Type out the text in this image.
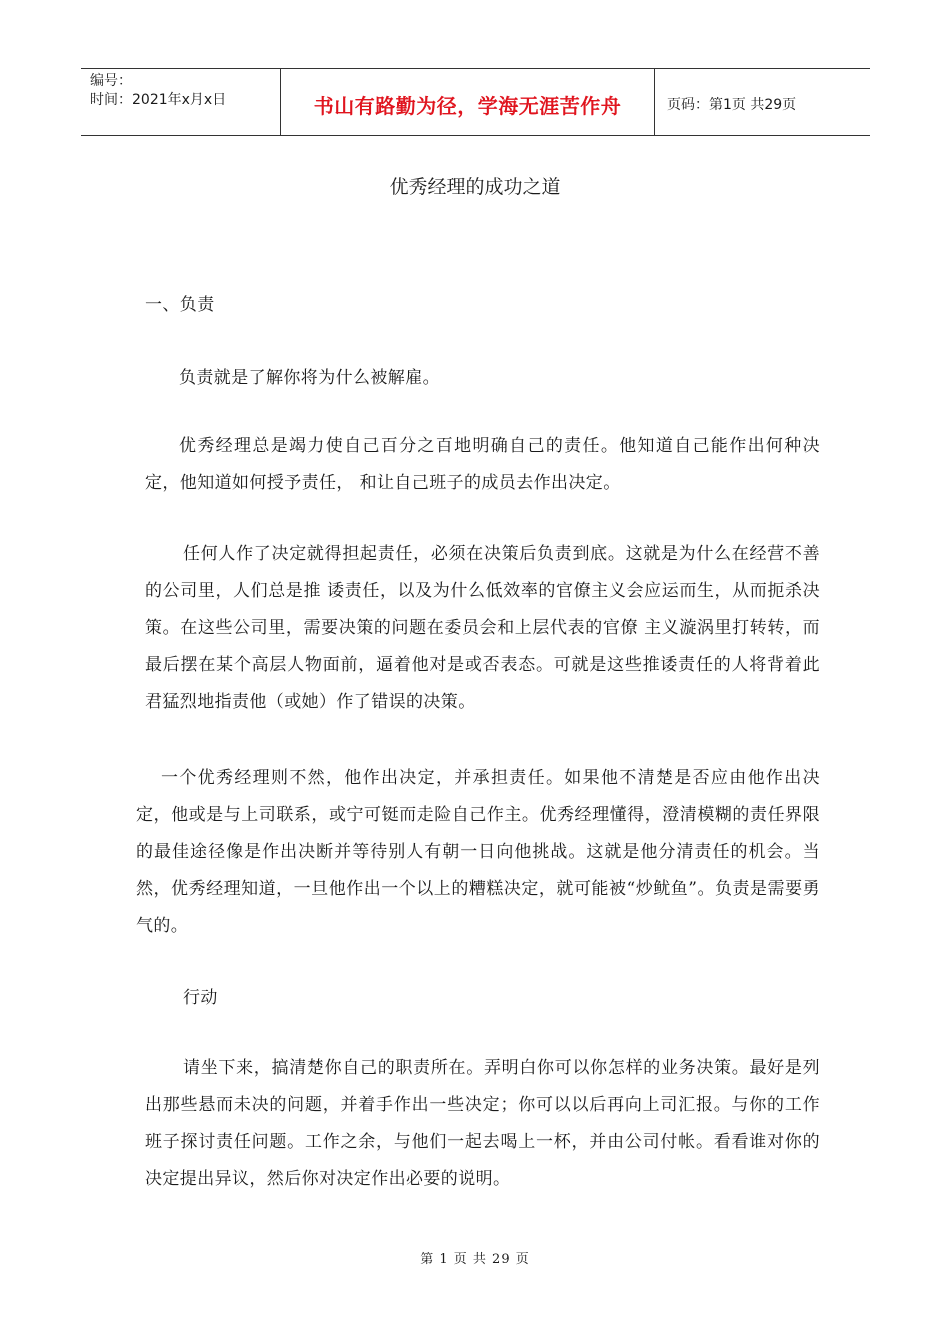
编号：
时间：2021年x月x日	书山有路勤为径，学海无涯苦作舟	页码：第1页 共29页
优秀经理的成功之道

一、负责

负责就是了解你将为什么被解雇。

优秀经理总是竭力使自己百分之百地明确自己的责任。他知道自己能作出何种决定，他知道如何授予责任， 和让自己班子的成员去作出决定。

任何人作了决定就得担起责任，必须在决策后负责到底。这就是为什么在经营不善的公司里，人们总是推 诿责任，以及为什么低效率的官僚主义会应运而生，从而扼杀决策。在这些公司里，需要决策的问题在委员会和上层代表的官僚 主义漩涡里打转转，而最后摆在某个高层人物面前，逼着他对是或否表态。可就是这些推诿责任的人将背着此君猛烈地指责他（或她）作了错误的决策。

一个优秀经理则不然，他作出决定，并承担责任。如果他不清楚是否应由他作出决定，他或是与上司联系，或宁可铤而走险自己作主。优秀经理懂得，澄清模糊的责任界限的最佳途径像是作出决断并等待别人有朝一日向他挑战。这就是他分清责任的机会。当然，优秀经理知道，一旦他作出一个以上的糟糕决定，就可能被“炒鱿鱼”。负责是需要勇气的。

行动

请坐下来，搞清楚你自己的职责所在。弄明白你可以你怎样的业务决策。最好是列出那些悬而未决的问题，并着手作出一些决定；你可以以后再向上司汇报。与你的工作班子探讨责任问题。工作之余，与他们一起去喝上一杯，并由公司付帐。看看谁对你的决定提出异议，然后你对决定作出必要的说明。

第 1 页 共 29 页
